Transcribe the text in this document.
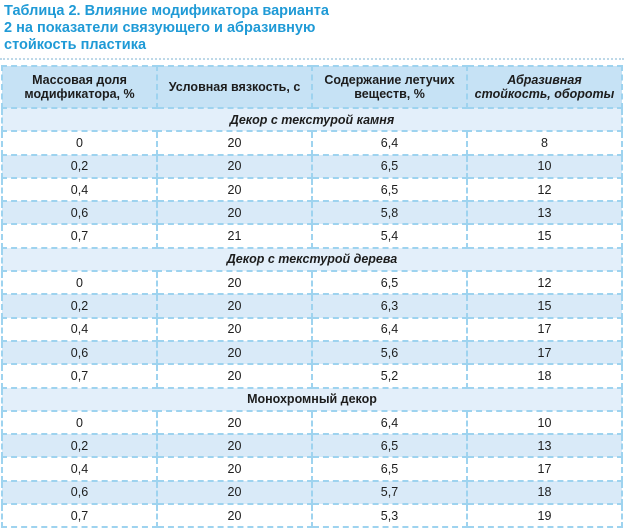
Таблица 2. Влияние модификатора варианта
2 на показатели связующего и абразивную
стойкость пластика
Массовая доля модификатора, %	Условная вязкость, с	Содержание летучих веществ, %	Абразивная стойкость, обороты
Декор с текстурой камня			
0	20	6,4	8
0,2	20	6,5	10
0,4	20	6,5	12
0,6	20	5,8	13
0,7	21	5,4	15
Декор с текстурой дерева			
0	20	6,5	12
0,2	20	6,3	15
0,4	20	6,4	17
0,6	20	5,6	17
0,7	20	5,2	18
Монохромный декор			
0	20	6,4	10
0,2	20	6,5	13
0,4	20	6,5	17
0,6	20	5,7	18
0,7	20	5,3	19
